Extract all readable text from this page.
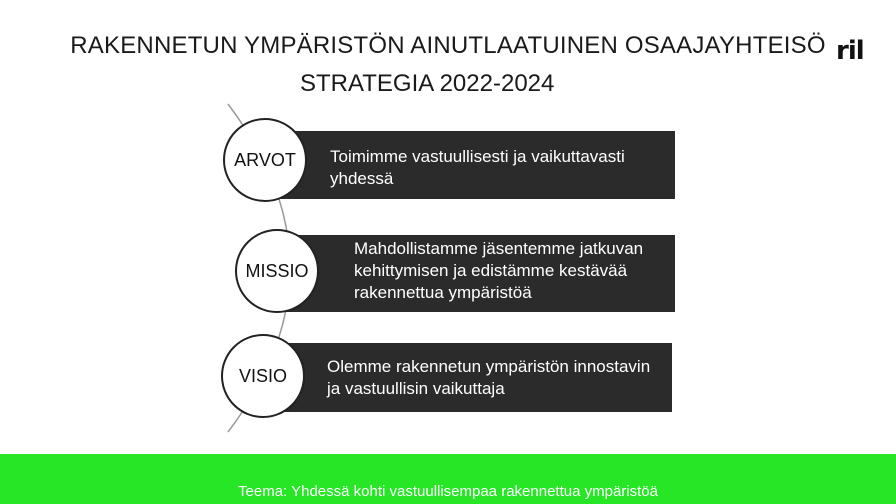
RAKENNETUN YMPÄRISTÖN AINUTLAATUINEN OSAAJAYHTEISÖ
STRATEGIA 2022-2024
ril
Toimimme vastuullisesti ja vaikuttavasti
yhdessä
ARVOT
Mahdollistamme jäsentemme jatkuvan
kehittymisen ja edistämme kestävää
rakennettua ympäristöä
MISSIO
Olemme rakennetun ympäristön innostavin
ja vastuullisin vaikuttaja
VISIO
Teema: Yhdessä kohti vastuullisempaa rakennettua ympäristöä
